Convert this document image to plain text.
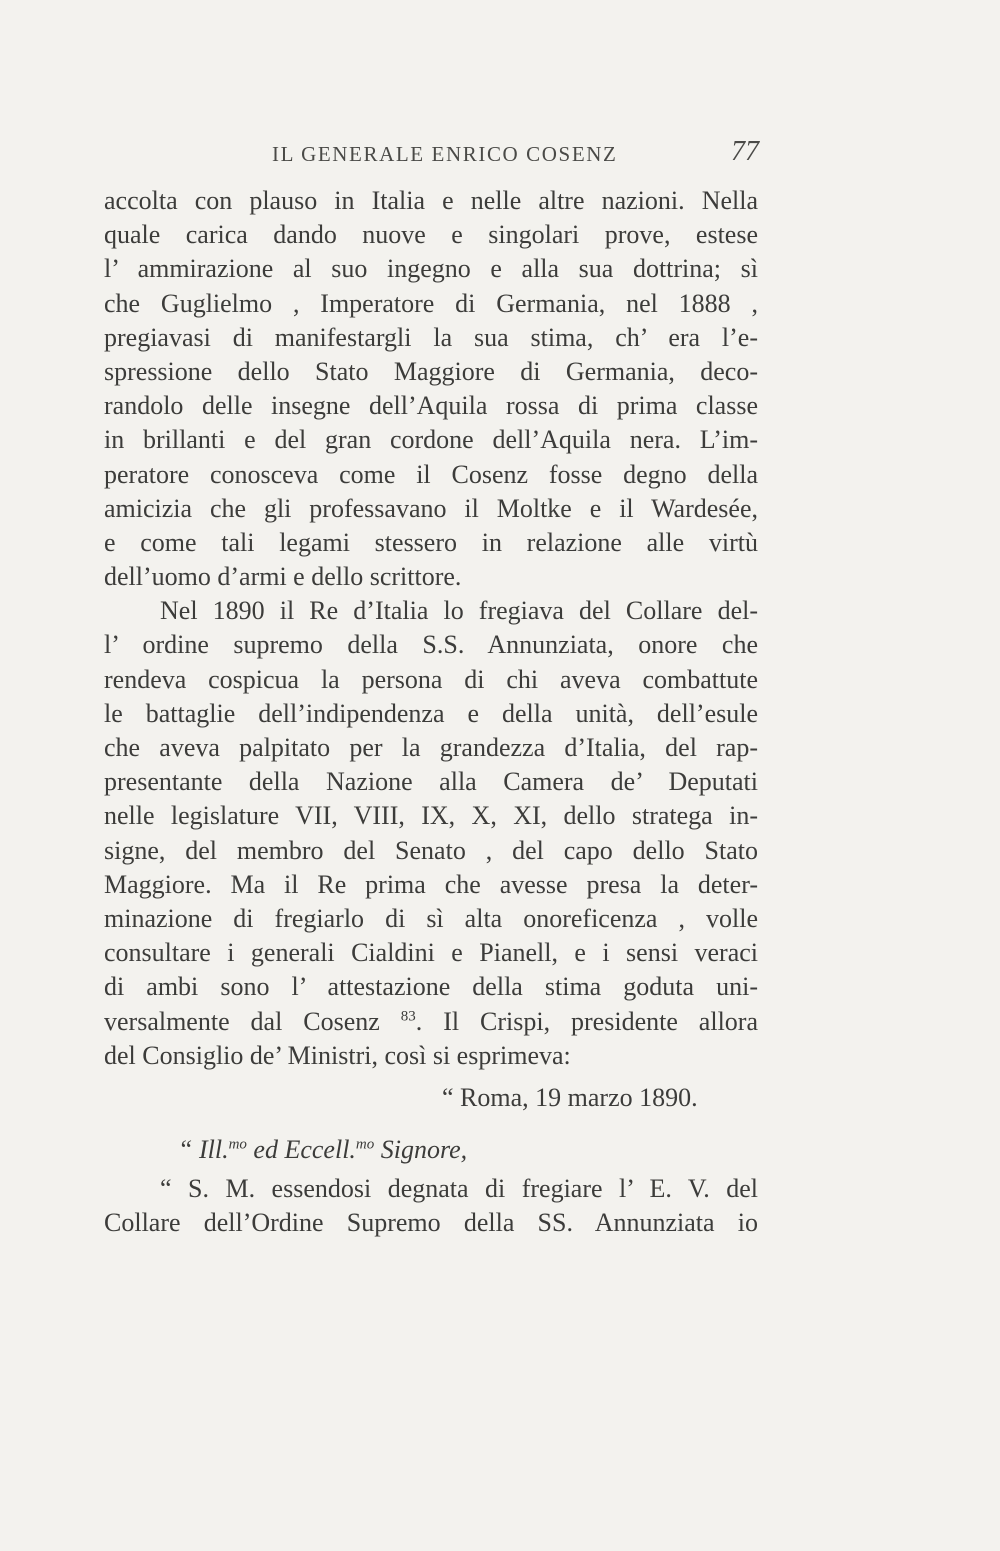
IL GENERALE ENRICO COSENZ	77
accolta con plauso in Italia e nelle altre nazioni. Nella
quale carica dando nuove e singolari prove, estese
l’ ammirazione al suo ingegno e alla sua dottrina; sì
che Guglielmo , Imperatore di Germania, nel 1888 ,
pregiavasi di manifestargli la sua stima, ch’ era l’e-
spressione dello Stato Maggiore di Germania, deco-
randolo delle insegne dell’Aquila rossa di prima classe
in brillanti e del gran cordone dell’Aquila nera. L’im-
peratore conosceva come il Cosenz fosse degno della
amicizia che gli professavano il Moltke e il Wardesée,
e come tali legami stessero in relazione alle virtù
dell’uomo d’armi e dello scrittore.
Nel 1890 il Re d’Italia lo fregiava del Collare del-
l’ ordine supremo della S.S. Annunziata, onore che
rendeva cospicua la persona di chi aveva combattute
le battaglie dell’indipendenza e della unità, dell’esule
che aveva palpitato per la grandezza d’Italia, del rap-
presentante della Nazione alla Camera de’ Deputati
nelle legislature VII, VIII, IX, X, XI, dello stratega in-
signe, del membro del Senato , del capo dello Stato
Maggiore. Ma il Re prima che avesse presa la deter-
minazione di fregiarlo di sì alta onoreficenza , volle
consultare i generali Cialdini e Pianell, e i sensi veraci
di ambi sono l’ attestazione della stima goduta uni-
versalmente dal Cosenz $^{83}$. Il Crispi, presidente allora
del Consiglio de’ Ministri, così si esprimeva:
“ Roma, 19 marzo 1890.
“ Ill.$^{mo}$ ed Eccell.$^{mo}$ Signore,
“ S. M. essendosi degnata di fregiare l’ E. V. del
Collare dell’Ordine Supremo della SS. Annunziata io
